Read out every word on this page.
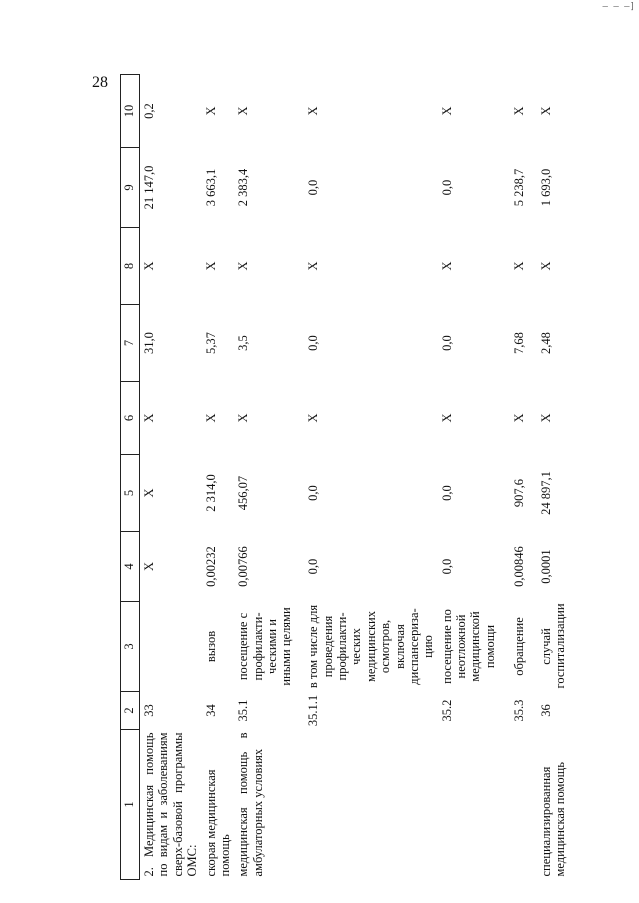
– – –]
28
1	2	3	4	5	6	7	8	9	10
2. Медицинская помощь по видам и заболеваниям сверх-базовой программы ОМС:	33		Х	Х	Х	31,0	Х	21 147,0	0,2
скорая медицинская помощь	34	вызов	0,00232	2 314,0	Х	5,37	Х	3 663,1	Х
медицинская помощь в амбулаторных условиях	35.1	посещение с профилакти-ческими и иными целями	0,00766	456,07	Х	3,5	Х	2 383,4	Х
	35.1.1	в том числе для проведения профилакти-ческих медицинских осмотров, включая диспансериза-цию	0,0	0,0	Х	0,0	Х	0,0	Х
	35.2	посещение по неотложной медицинской помощи	0,0	0,0	Х	0,0	Х	0,0	Х
	35.3	обращение	0,00846	907,6	Х	7,68	Х	5 238,7	Х
специализированная медицинская помощь	36	случай госпитализации	0,0001	24 897,1	Х	2,48	Х	1 693,0	Х
